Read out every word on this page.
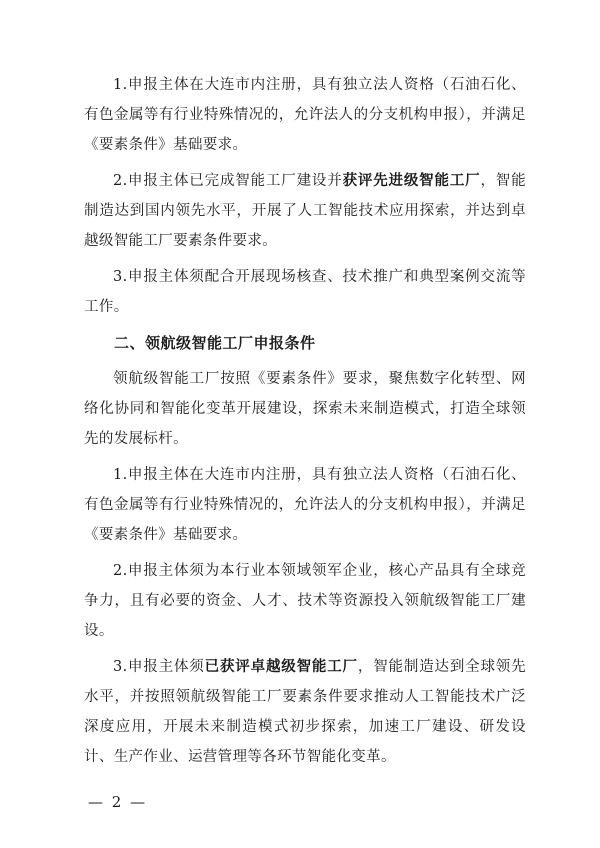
1.申报主体在大连市内注册，具有独立法人资格（石油石化、有色金属等有行业特殊情况的，允许法人的分支机构申报），并满足《要素条件》基础要求。

2.申报主体已完成智能工厂建设并获评先进级智能工厂，智能制造达到国内领先水平，开展了人工智能技术应用探索，并达到卓越级智能工厂要素条件要求。

3.申报主体须配合开展现场核查、技术推广和典型案例交流等工作。

二、领航级智能工厂申报条件

领航级智能工厂按照《要素条件》要求，聚焦数字化转型、网络化协同和智能化变革开展建设，探索未来制造模式，打造全球领先的发展标杆。

1.申报主体在大连市内注册，具有独立法人资格（石油石化、有色金属等有行业特殊情况的，允许法人的分支机构申报），并满足《要素条件》基础要求。

2.申报主体须为本行业本领域领军企业，核心产品具有全球竞争力，且有必要的资金、人才、技术等资源投入领航级智能工厂建设。

3.申报主体须已获评卓越级智能工厂，智能制造达到全球领先水平，并按照领航级智能工厂要素条件要求推动人工智能技术广泛深度应用，开展未来制造模式初步探索，加速工厂建设、研发设计、生产作业、运营管理等各环节智能化变革。

— 2 —
